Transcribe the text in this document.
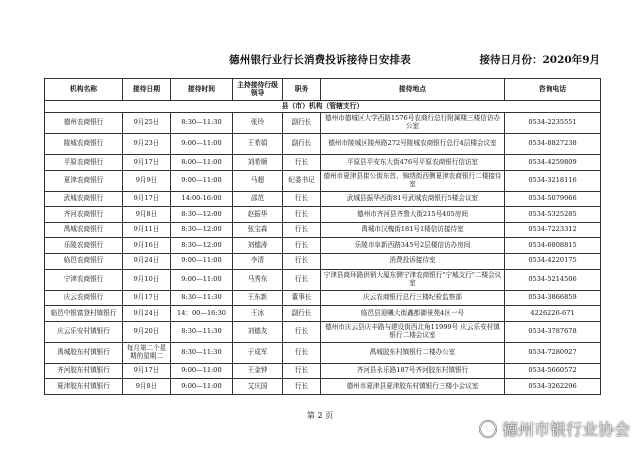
德州银行业行长消费投诉接待日安排表	接待日月份：2020年9月
机构名称	接待日期	接待时间	主持接待行级领导	职务	接待地点	咨询电话
县（市）机构（管辖支行）						
德州农商银行	9月25日	8:30—11:30	张玲	副行长	德州市德城区大学西路1576号农商行总行附属楼三楼信访办公室	0534-2235551
陵城农商银行	9月23日	9:00—11:00	王希娟	副行长	德州市陵城区陵州路272号陵城农商银行总行4层楼会议室	0534-8827238
平原农商银行	9月17日	8:00—11:00	刘希顺	行长	平原县平安东大街476号平原农商银行信访室	0534-4259809
夏津农商银行	9月9日	9:00—11:00	马超	纪委书记	德州市夏津县崔公街东首、锦绣街西侧夏津农商银行二楼接待室	0534-3218116
武城农商银行	9月17日	14:00-16:00	邵范	行长	武城县振华西街81号武城农商银行5楼会议室	0534-5079066
齐河农商银行	9月8日	8:30—12:00	赵振华	行长	德州市齐河县齐鲁大街215号405房间	0534-5325285
禹城农商银行	9月11日	8:30—12:00	张宝森	行长	禹城市汉槐街181号1楼信访接待室	0534-7223312
乐陵农商银行	9月16日	8:30—12:00	刘德涛	行长	乐陵市阜新西路345号2层楼信访办房间	0534-6808815
临邑农商银行	9月24日	9:00—11:00	李清	行长	消费投诉接待室	0534-4220175
宁津农商银行	9月10日	9:00—11:00	马秀东	行长	宁津县商环路供销大厦东侧宁津农商银行"宁城支行"二楼会议室	0534-5214506
庆云农商银行	9月17日	8:30—11:30	王东新	董事长	庆云农商银行总行三楼纪检监察部	0534-3866859
临邑中银富登村镇银行	9月24日	14：00—16:30	王冰	副行长	临邑县迎曦大街鑫都御景苑4区一号	4226226-671
庆云乐安村镇银行	9月20日	8:30—11:30	刘德友	行长	德州市庆云县庆丰路与建设街西北角11999号 庆云乐安村镇银行二楼会议室	0534-3787678
禹城胶东村镇银行	每月第二个星期的星期二	8:30—11:30	于成军	行长	禹城胶东村镇银行二楼办公室	0534-7280927
齐河胶东村镇银行	9月17日	9:00—11:00	王金钟	行长	齐河县永乐路187号齐河胶东村镇银行	0534-5660572
夏津胶东村镇银行	9月8日	9:00—11:00	艾庆国	行长	德州市夏津县夏津胶东村镇银行三楼小会议室	0534-3262296
第 2 页
德州市银行业协会
